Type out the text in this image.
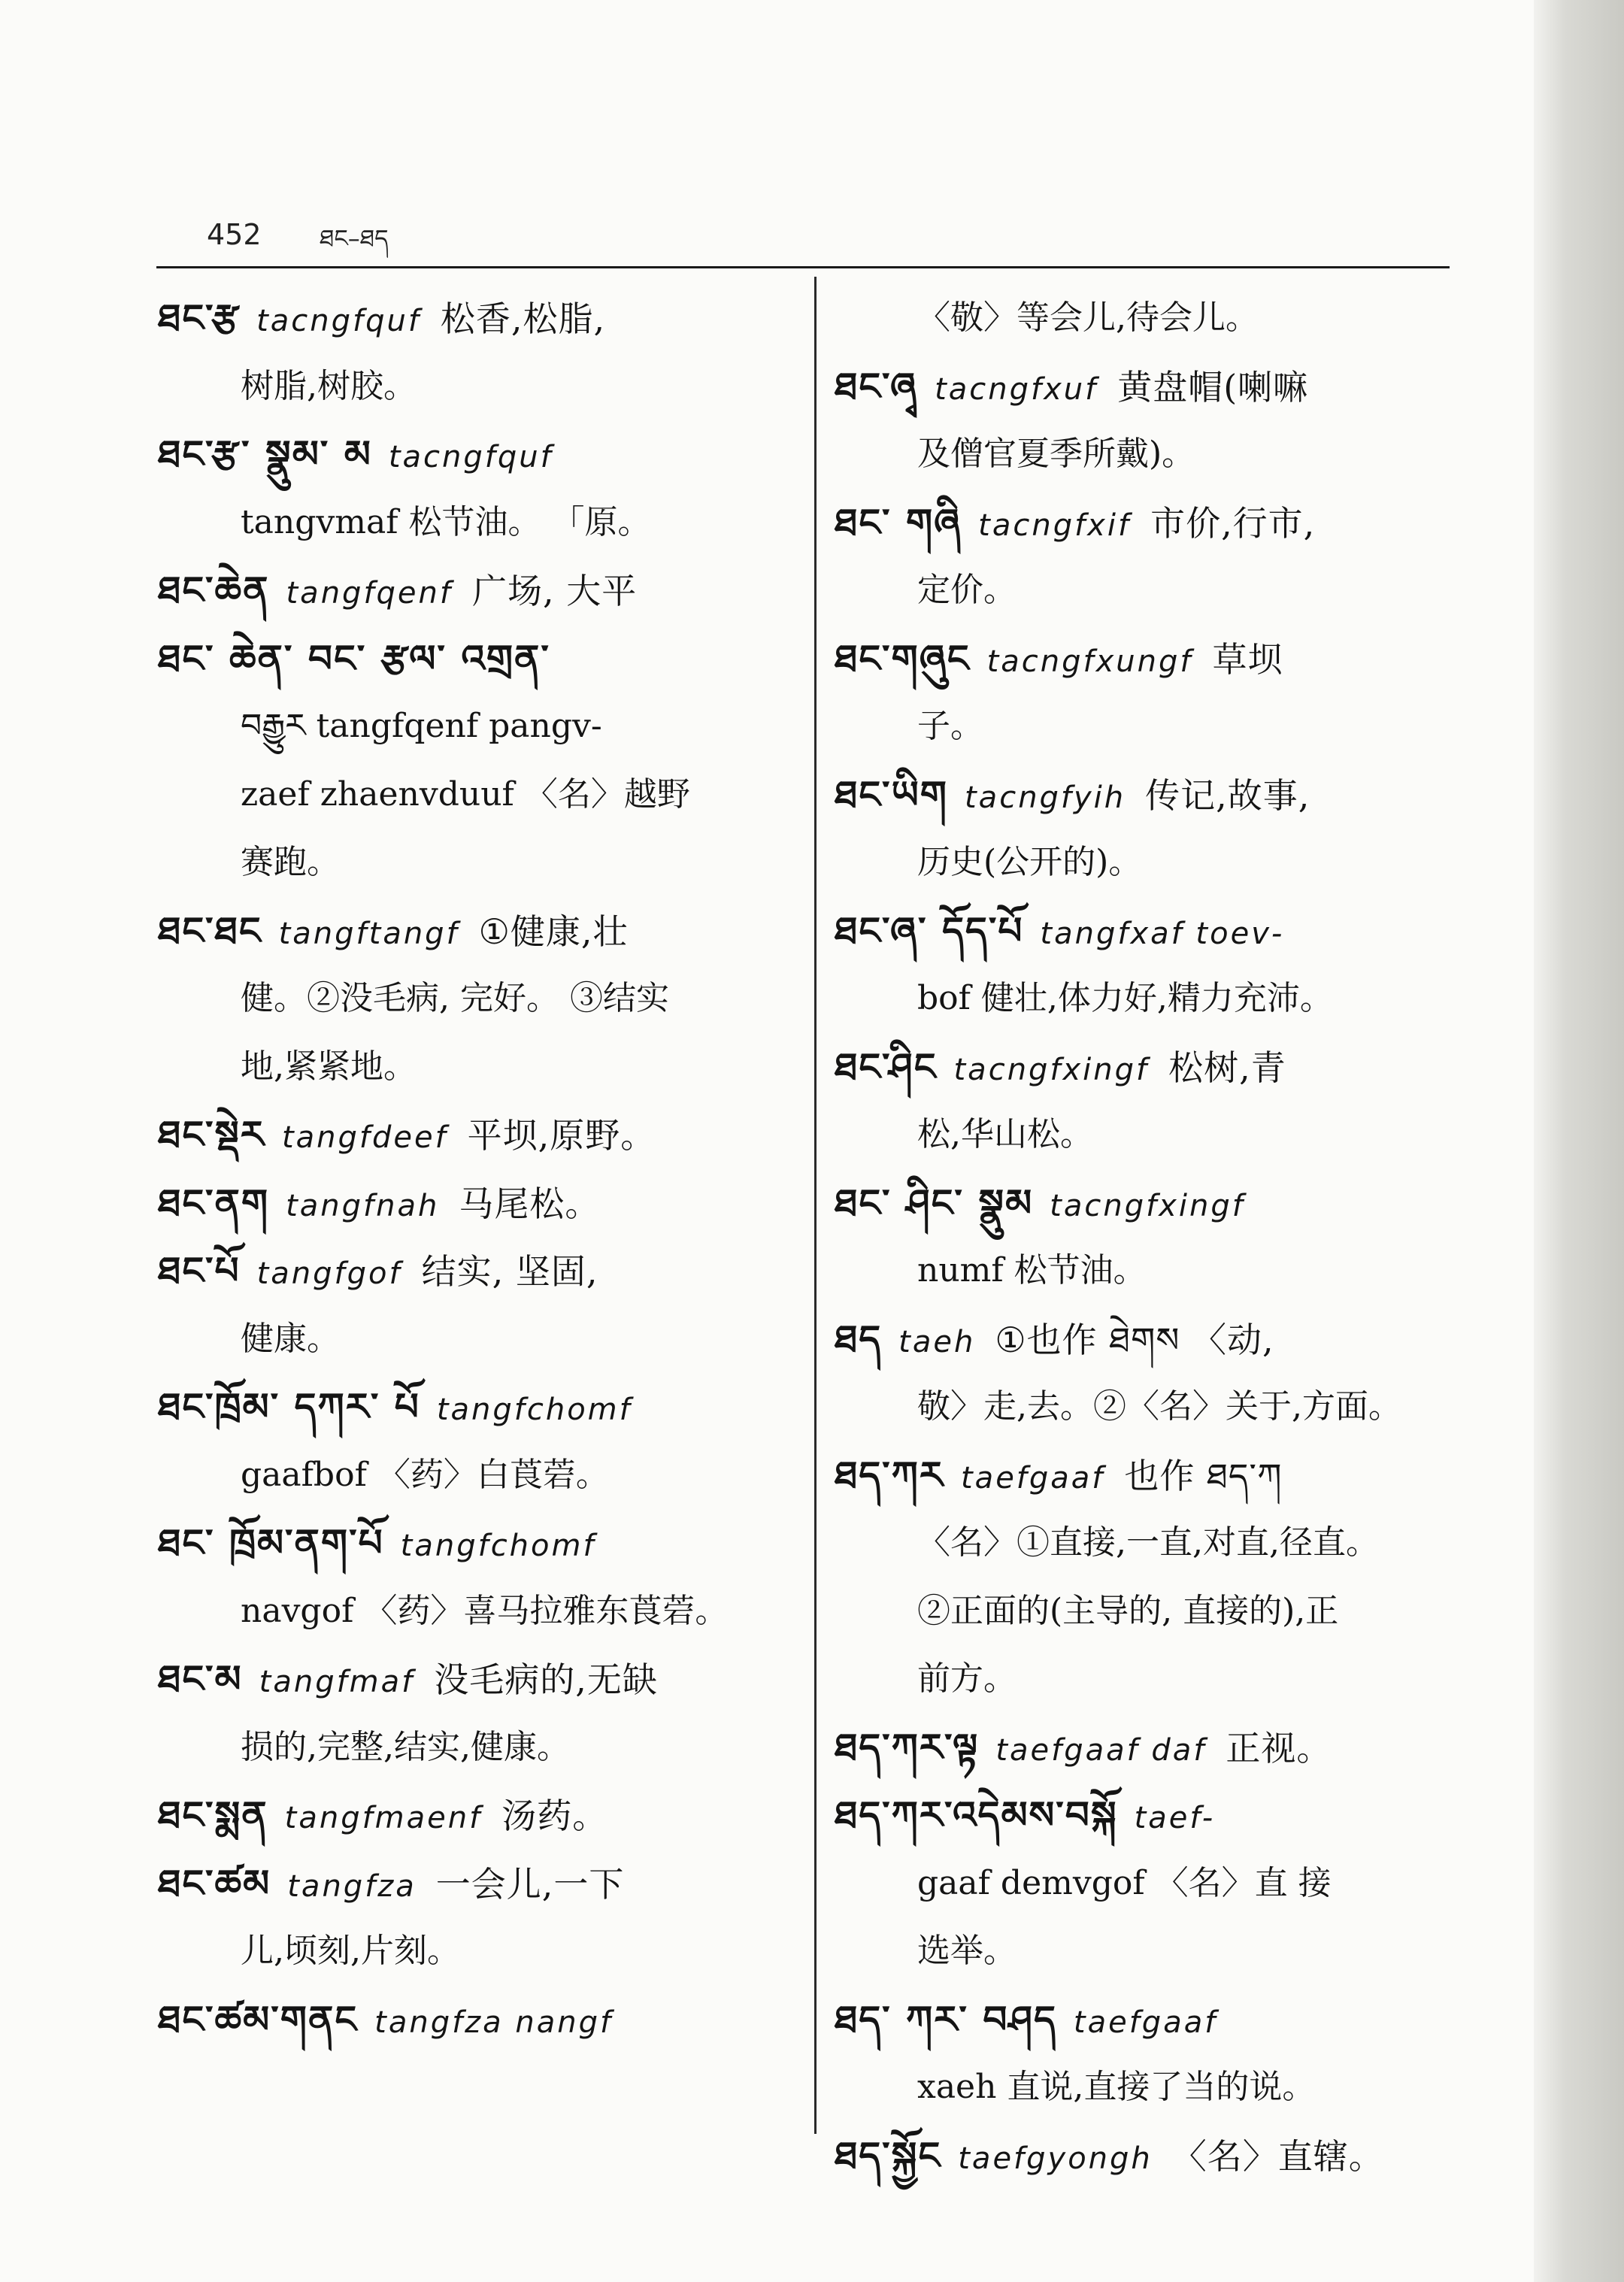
452 ཐང–ཐད
ཐང་རྩ tacngfquf 松香,松脂,
树脂,树胶。
ཐང་རྩ་ སྣུམ་ མ tacngfquf
tangvmaf 松节油。 「原。
ཐང་ཆེན tangfqenf 广场, 大平
ཐང་ ཆེན་ བང་ རྩལ་ འགྲན་
བརྒྱུར tangfqenf pangv-
zaef zhaenvduuf 〈名〉越野
赛跑。
ཐང་ཐང tangftangf ①健康,壮
健。②没毛病, 完好。 ③结实
地,紧紧地。
ཐང་སྡེར tangfdeef 平坝,原野。
ཐང་ནག tangfnah 马尾松。
ཐང་པོ tangfgof 结实, 坚固,
健康。
ཐང་ཁྲོམ་ དཀར་ པོ tangfchomf
gaafbof 〈药〉白莨菪。
ཐང་ ཁྲོམ་ནག་པོ tangfchomf
navgof 〈药〉喜马拉雅东莨菪。
ཐང་མ tangfmaf 没毛病的,无缺
损的,完整,结实,健康。
ཐང་སྨན tangfmaenf 汤药。
ཐང་ཚམ tangfza 一会儿,一下
儿,顷刻,片刻。
ཐང་ཚམ་གནང tangfza nangf
〈敬〉等会儿,待会儿。
ཐང་ཞྭ tacngfxuf 黄盘帽(喇嘛
及僧官夏季所戴)。
ཐང་ གཞི tacngfxif 市价,行市,
定价。
ཐང་གཞུང tacngfxungf 草坝
子。
ཐང་ཡིག tacngfyih 传记,故事,
历史(公开的)。
ཐང་ཞ་ དོད་པོ tangfxaf toev-
bof 健壮,体力好,精力充沛。
ཐང་ཤིང tacngfxingf 松树,青
松,华山松。
ཐང་ ཤིང་ སྣུམ tacngfxingf
numf 松节油。
ཐད taeh ①也作 ཐེགས 〈动,
敬〉走,去。②〈名〉关于,方面。
ཐད་ཀར taefgaaf 也作 ཐད་ཀ
〈名〉①直接,一直,对直,径直。
②正面的(主导的, 直接的),正
前方。
ཐད་ཀར་ལྟ taefgaaf daf 正视。
ཐད་ཀར་འདེམས་བསྐོ taef-
gaaf demvgof 〈名〉直 接
选举。
ཐད་ ཀར་ བཤད taefgaaf
xaeh 直说,直接了当的说。
ཐད་སྐྱོང taefgyongh 〈名〉直辖。
